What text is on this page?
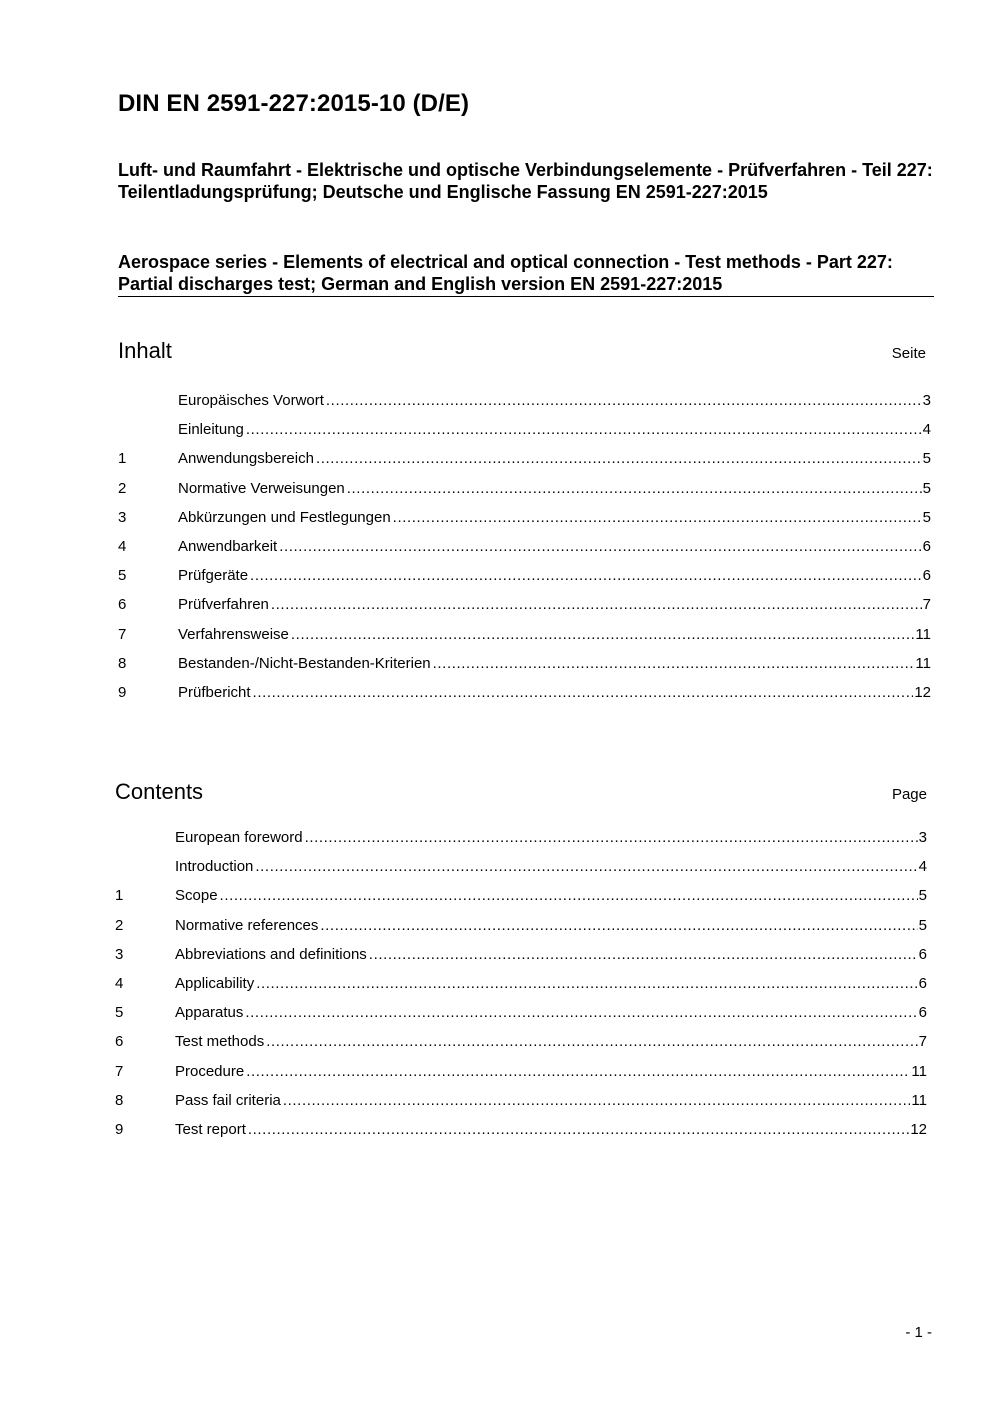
DIN EN 2591-227:2015-10 (D/E)
Luft- und Raumfahrt - Elektrische und optische Verbindungselemente - Prüfverfahren - Teil 227: Teilentladungsprüfung; Deutsche und Englische Fassung EN 2591-227:2015
Aerospace series - Elements of electrical and optical connection - Test methods - Part 227: Partial discharges test; German and English version EN 2591-227:2015
Inhalt	Seite
Europäisches Vorwort .....	3
Einleitung .....	4
1	Anwendungsbereich .....	5
2	Normative Verweisungen .....	5
3	Abkürzungen und Festlegungen .....	5
4	Anwendbarkeit .....	6
5	Prüfgeräte .....	6
6	Prüfverfahren .....	7
7	Verfahrensweise .....	11
8	Bestanden-/Nicht-Bestanden-Kriterien .....	11
9	Prüfbericht .....	12
Contents	Page
European foreword .....	3
Introduction .....	4
1	Scope .....	5
2	Normative references .....	5
3	Abbreviations and definitions .....	6
4	Applicability .....	6
5	Apparatus .....	6
6	Test methods .....	7
7	Procedure .....	11
8	Pass fail criteria .....	11
9	Test report .....	12
- 1 -
